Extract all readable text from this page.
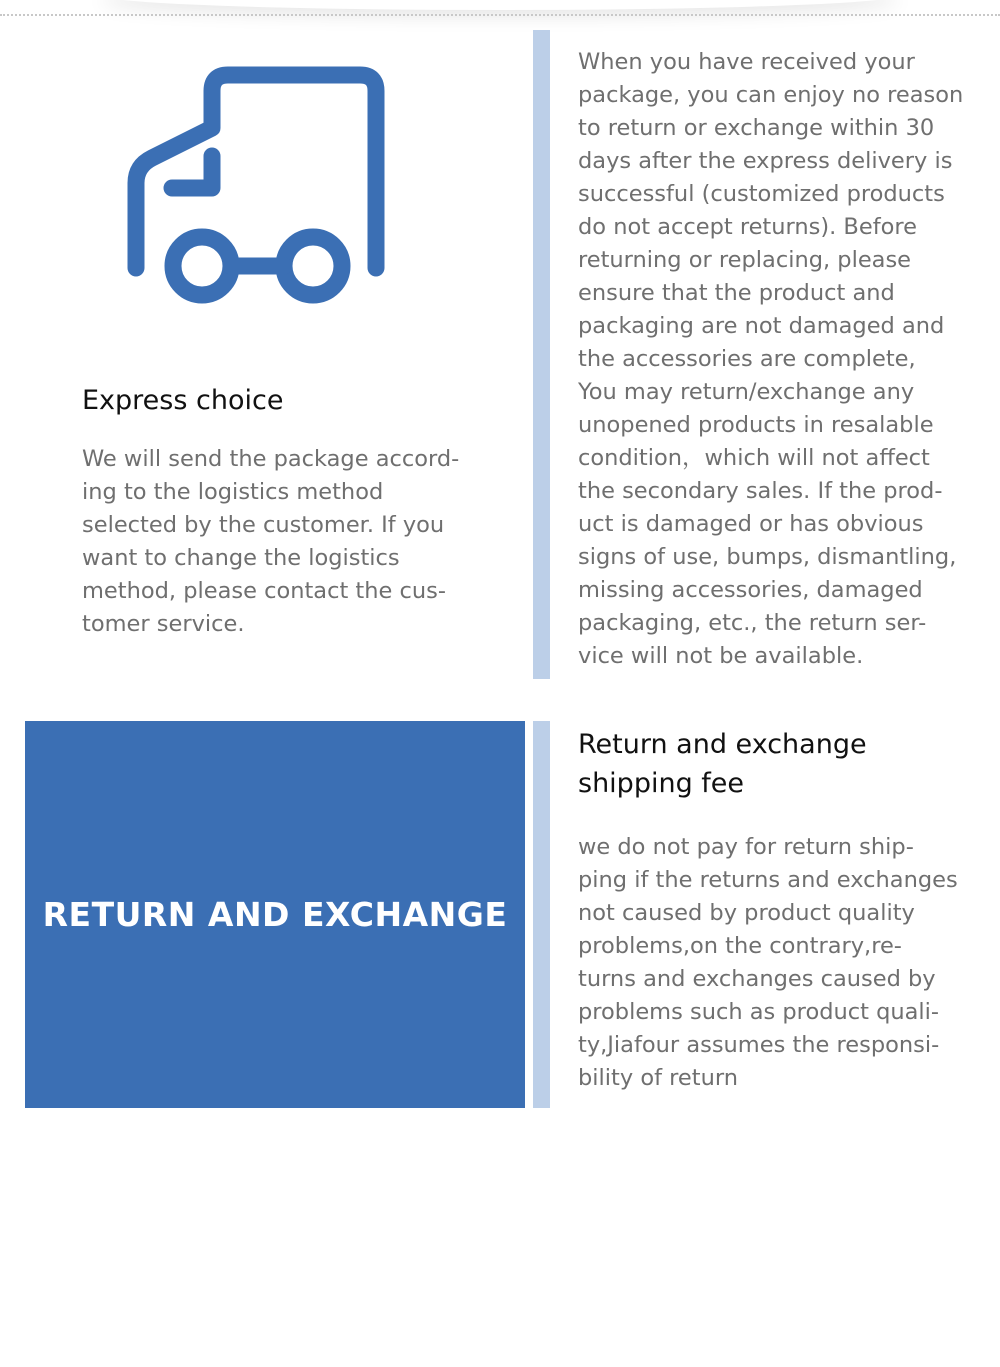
Express choice

We will send the package accord-
ing to the logistics method
selected by the customer. If you
want to change the logistics
method, please contact the cus-
tomer service.

When you have received your
package, you can enjoy no reason
to return or exchange within 30
days after the express delivery is
successful (customized products
do not accept returns). Before
returning or replacing, please
ensure that the product and
packaging are not damaged and
the accessories are complete,
You may return/exchange any
unopened products in resalable
condition，which will not affect
the secondary sales. If the prod-
uct is damaged or has obvious
signs of use, bumps, dismantling,
missing accessories, damaged
packaging, etc., the return ser-
vice will not be available.

RETURN AND EXCHANGE
Return and exchange
shipping fee

we do not pay for return ship-
ping if the returns and exchanges
not caused by product quality
problems,on the contrary,re-
turns and exchanges caused by
problems such as product quali-
ty,Jiafour assumes the responsi-
bility of return
